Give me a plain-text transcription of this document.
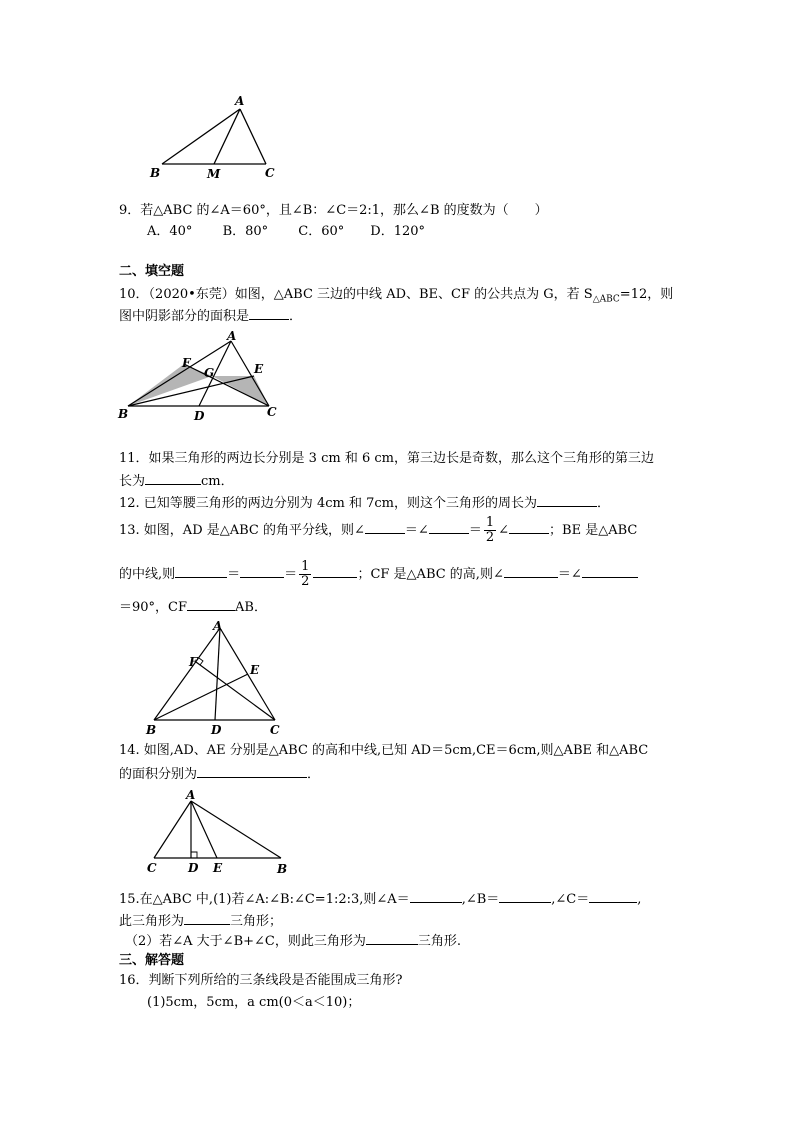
A
B	M	C
9．若△ABC 的∠A＝60°，且∠B：∠C＝2:1，那么∠B 的度数为（　　）
A．40°　　 B．80°　　 C．60°　　D．120°
二、填空题
10．（2020•东莞）如图，△ABC 三边的中线 AD、BE、CF 的公共点为 G，若 $S_{\triangle ABC}=12$，则
图中阴影部分的面积是	．
A
F	E
G
B	D	C
11．如果三角形的两边长分别是 3 cm 和 6 cm，第三边长是奇数，那么这个三角形的第三边
长为	cm．
12. 已知等腰三角形的两边分别为 4cm 和 7cm，则这个三角形的周长为	．
13. 如图，AD 是△ABC 的角平分线，则∠	＝∠	＝ $\frac{1}{2}$ ∠	；BE 是△ABC
的中线,则	＝	＝ $\frac{1}{2}$	；CF 是△ABC 的高,则∠	＝∠
＝90°，CF	AB．
A
F
E
B	D	C
14. 如图,AD、AE 分别是△ABC 的高和中线,已知 AD＝5cm,CE＝6cm,则△ABE 和△ABC
的面积分别为	．
A
C	D E	B
15.在△ABC 中,(1)若∠A:∠B:∠C=1:2:3,则∠A＝	,∠B＝	,∠C＝	,
此三角形为	三角形；
（2）若∠A 大于∠B+∠C，则此三角形为	三角形.
三、解答题
16．判断下列所给的三条线段是否能围成三角形?
(1)5cm，5cm，a cm(0＜a＜10)；
